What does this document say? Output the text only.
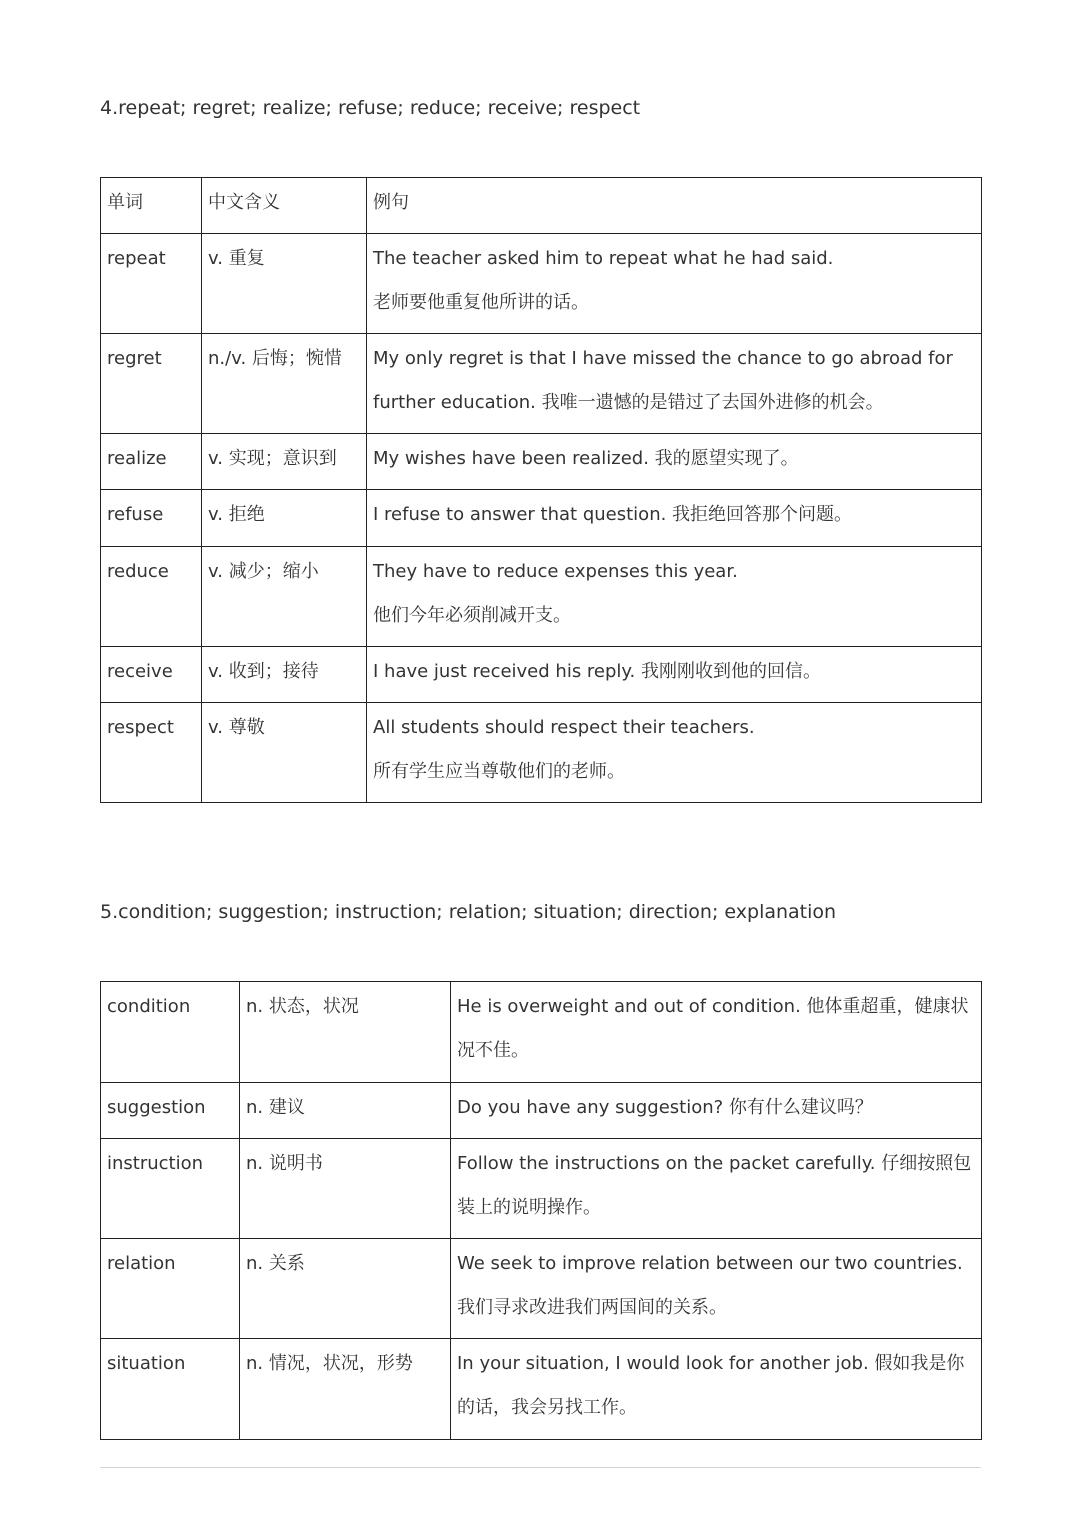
4.repeat; regret; realize; refuse; reduce; receive; respect
单词	中文含义	例句

repeat	v. 重复	The teacher asked him to repeat what he had said.
老师要他重复他所讲的话。

regret	n./v. 后悔；惋惜	My only regret is that I have missed the chance to go abroad for further education. 我唯一遗憾的是错过了去国外进修的机会。

realize	v. 实现；意识到	My wishes have been realized. 我的愿望实现了。

refuse	v. 拒绝	I refuse to answer that question. 我拒绝回答那个问题。

reduce	v. 减少；缩小	They have to reduce expenses this year.
他们今年必须削减开支。

receive	v. 收到；接待	I have just received his reply. 我刚刚收到他的回信。

respect	v. 尊敬	All students should respect their teachers.
所有学生应当尊敬他们的老师。
5.condition; suggestion; instruction; relation; situation; direction; explanation
condition	n. 状态，状况	He is overweight and out of condition. 他体重超重，健康状况不佳。

suggestion	n. 建议	Do you have any suggestion? 你有什么建议吗？

instruction	n. 说明书	Follow the instructions on the packet carefully. 仔细按照包装上的说明操作。

relation	n. 关系	We seek to improve relation between our two countries. 我们寻求改进我们两国间的关系。

situation	n. 情况，状况，形势	In your situation, I would look for another job. 假如我是你的话，我会另找工作。
